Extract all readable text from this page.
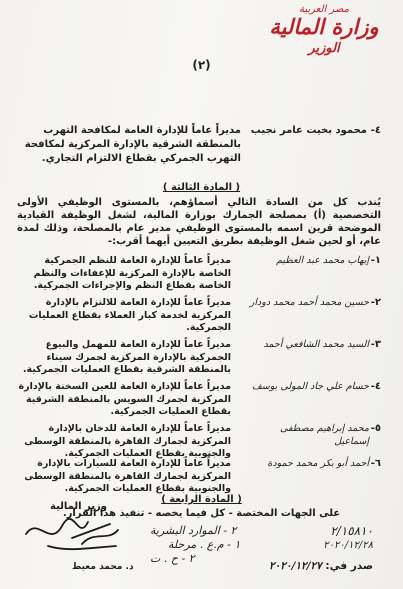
مصر العربية
وزارة المالية
الوزير
(٢)
٤-
محمود بخيت عامر نجيب
مديراً عاماً للإدارة العامة لمكافحة التهرب بالمنطقة الشرقية بالإدارة المركزية لمكافحة التهرب الجمركي بقطاع الالتزام التجاري.
( المادة الثالثة )
يُندب كل من السادة التالي أسماؤهم، بالمستوى الوظيفي الأولى التخصصية (أ) بمصلحة الجمارك بوزارة المالية، لشغل الوظيفة القيادية الموضحة قرين اسمه بالمستوى الوظيفي مدير عام بالمصلحة، وذلك لمدة عام، أو لحين شغل الوظيفة بطريق التعيين أيهما أقرب:-
١-
إيهاب محمد عبد العظيم
مديراً عاماً للإدارة العامة للنظم الجمركية الخاصة بالإدارة المركزية للإعفاءات والنظم الخاصة بقطاع النظم والإجراءات الجمركية.
٢-
حسين محمد أحمد محمد دودار
مديراً عاماً للإدارة العامة للالتزام بالإدارة المركزية لخدمة كبار العملاء بقطاع العمليات الجمركية.
٣-
السيد محمد الشافعي أحمد
مديراً عاماً للإدارة العامة للمهمل والبيوع الجمركية بالإدارة المركزية لجمرك سيناء بالمنطقة الشرقية بقطاع العمليات الجمركية.
٤-
حسام علي جاد المولى يوسف
مديراً عاماً للإدارة العامة للعين السخنة بالإدارة المركزية لجمرك السويس بالمنطقة الشرقية بقطاع العمليات الجمركية.
٥-
محمد إبراهيم مصطفى إسماعيل
مديراً عاماً للإدارة العامة للدخان بالإدارة المركزية لجمارك القاهرة بالمنطقة الوسطى والجنوبية بقطاع العمليات الجمركية.
٦-
أحمد أبو بكر محمد حمودة
مديراً عاماً للإدارة العامة للسيارات بالإدارة المركزية لجمارك القاهرة بالمنطقة الوسطى والجنوبية بقطاع العمليات الجمركية.
( المادة الرابعة )
على الجهات المختصة - كل فيما يخصه - تنفيذ هذا القرار.
٢ - الموارد البشرية
١ - م.ع . مرحلة
٢ - ح . ت
٢/١٥٨١٠
٢٠٢٠/١٢/٢٨
صدر في: ٢٠٢٠/١٢/٢٧
وزير المالية
د. محمد معيط
